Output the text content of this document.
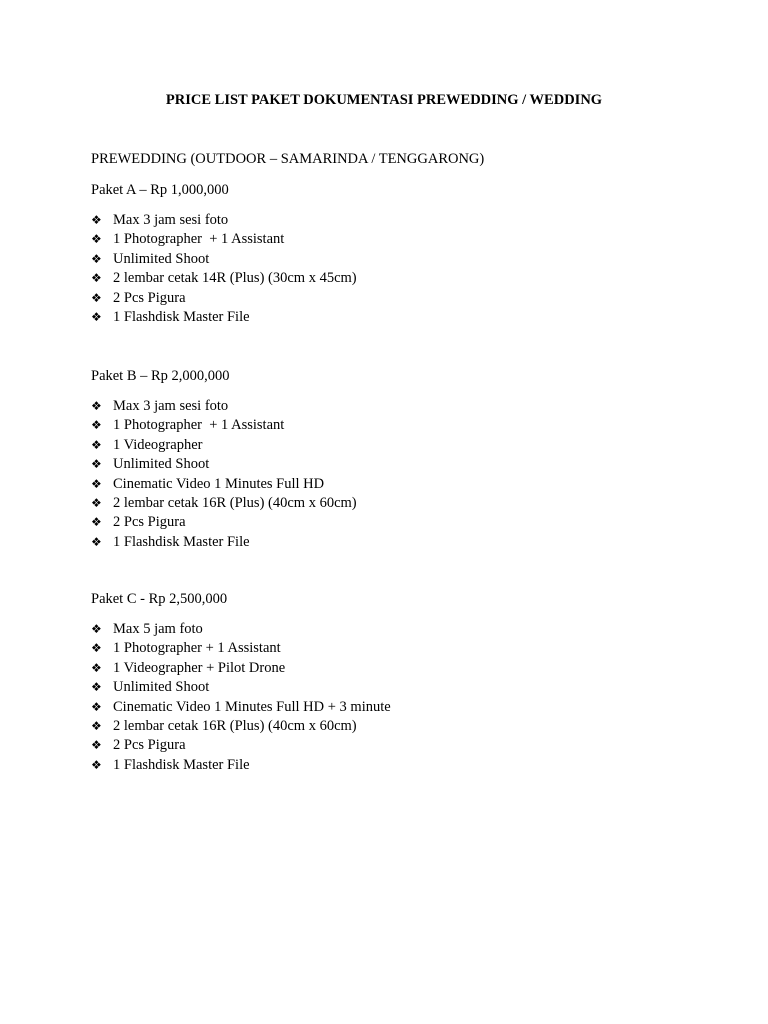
PRICE LIST PAKET DOKUMENTASI PREWEDDING / WEDDING
PREWEDDING (OUTDOOR – SAMARINDA / TENGGARONG)
Paket A – Rp 1,000,000
❖ Max 3 jam sesi foto
❖ 1 Photographer  + 1 Assistant
❖ Unlimited Shoot
❖ 2 lembar cetak 14R (Plus) (30cm x 45cm)
❖ 2 Pcs Pigura
❖ 1 Flashdisk Master File
Paket B – Rp 2,000,000
❖ Max 3 jam sesi foto
❖ 1 Photographer  + 1 Assistant
❖ 1 Videographer
❖ Unlimited Shoot
❖ Cinematic Video 1 Minutes Full HD
❖ 2 lembar cetak 16R (Plus) (40cm x 60cm)
❖ 2 Pcs Pigura
❖ 1 Flashdisk Master File
Paket C - Rp 2,500,000
❖ Max 5 jam foto
❖ 1 Photographer + 1 Assistant
❖ 1 Videographer + Pilot Drone
❖ Unlimited Shoot
❖ Cinematic Video 1 Minutes Full HD + 3 minute
❖ 2 lembar cetak 16R (Plus) (40cm x 60cm)
❖ 2 Pcs Pigura
❖ 1 Flashdisk Master File
